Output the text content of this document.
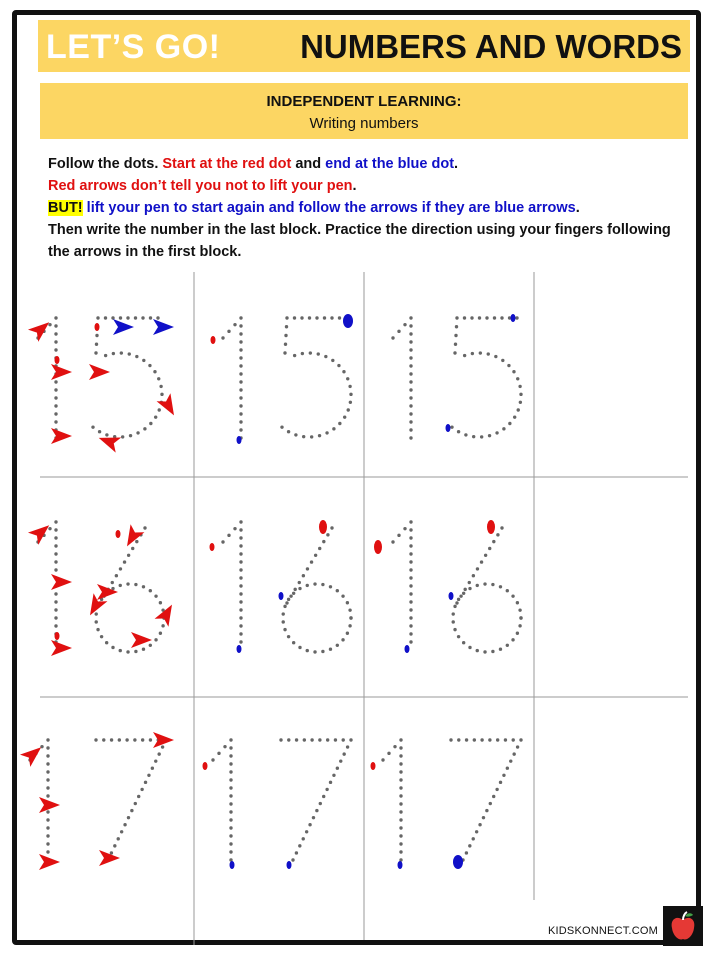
LET’S GO! NUMBERS AND WORDS
INDEPENDENT LEARNING:
Writing numbers
Follow the dots. Start at the red dot and end at the blue dot.
Red arrows don’t tell you not to lift your pen.
BUT! lift your pen to start again and follow the arrows if they are blue arrows.
Then write the number in the last block. Practice the direction using your fingers following the arrows in the first block.
KIDSKONNECT.COM
